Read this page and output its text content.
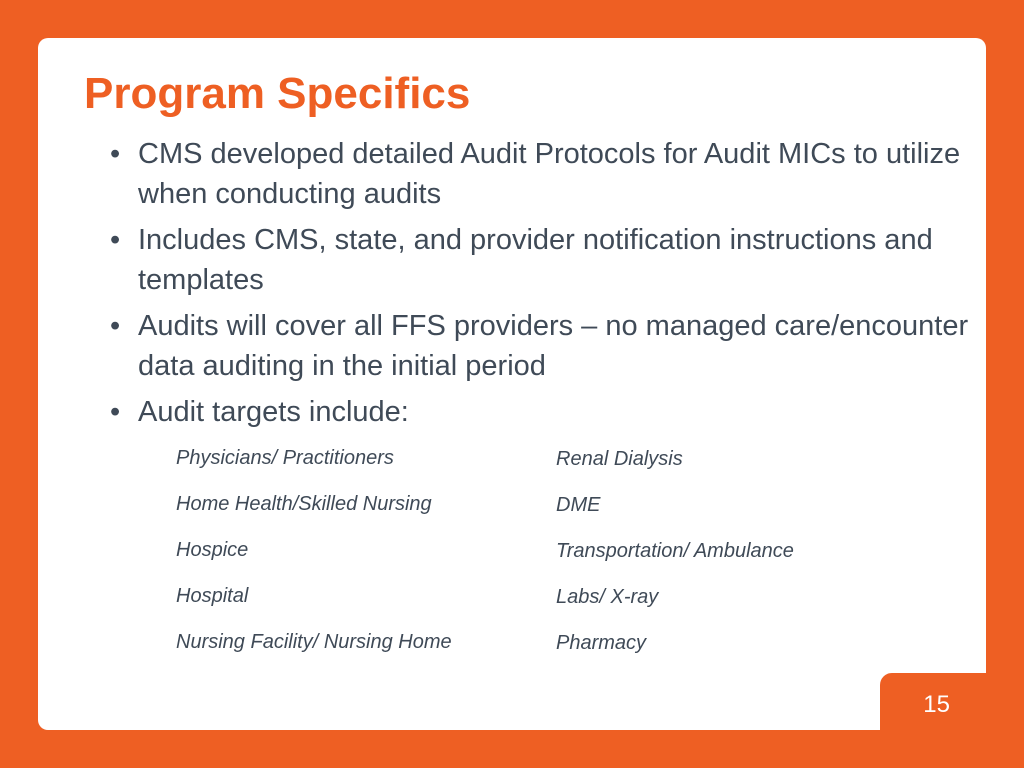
15
Program Specifics
• CMS developed detailed Audit Protocols for Audit MICs to utilize when conducting audits
• Includes CMS, state, and provider notification instructions and templates
• Audits will cover all FFS providers – no managed care/encounter data auditing in the initial period
• Audit targets include:
Physicians/ Practitioners
Home Health/Skilled Nursing
Hospice
Hospital
Nursing Facility/ Nursing Home
Renal Dialysis
DME
Transportation/ Ambulance
Labs/ X-ray
Pharmacy
